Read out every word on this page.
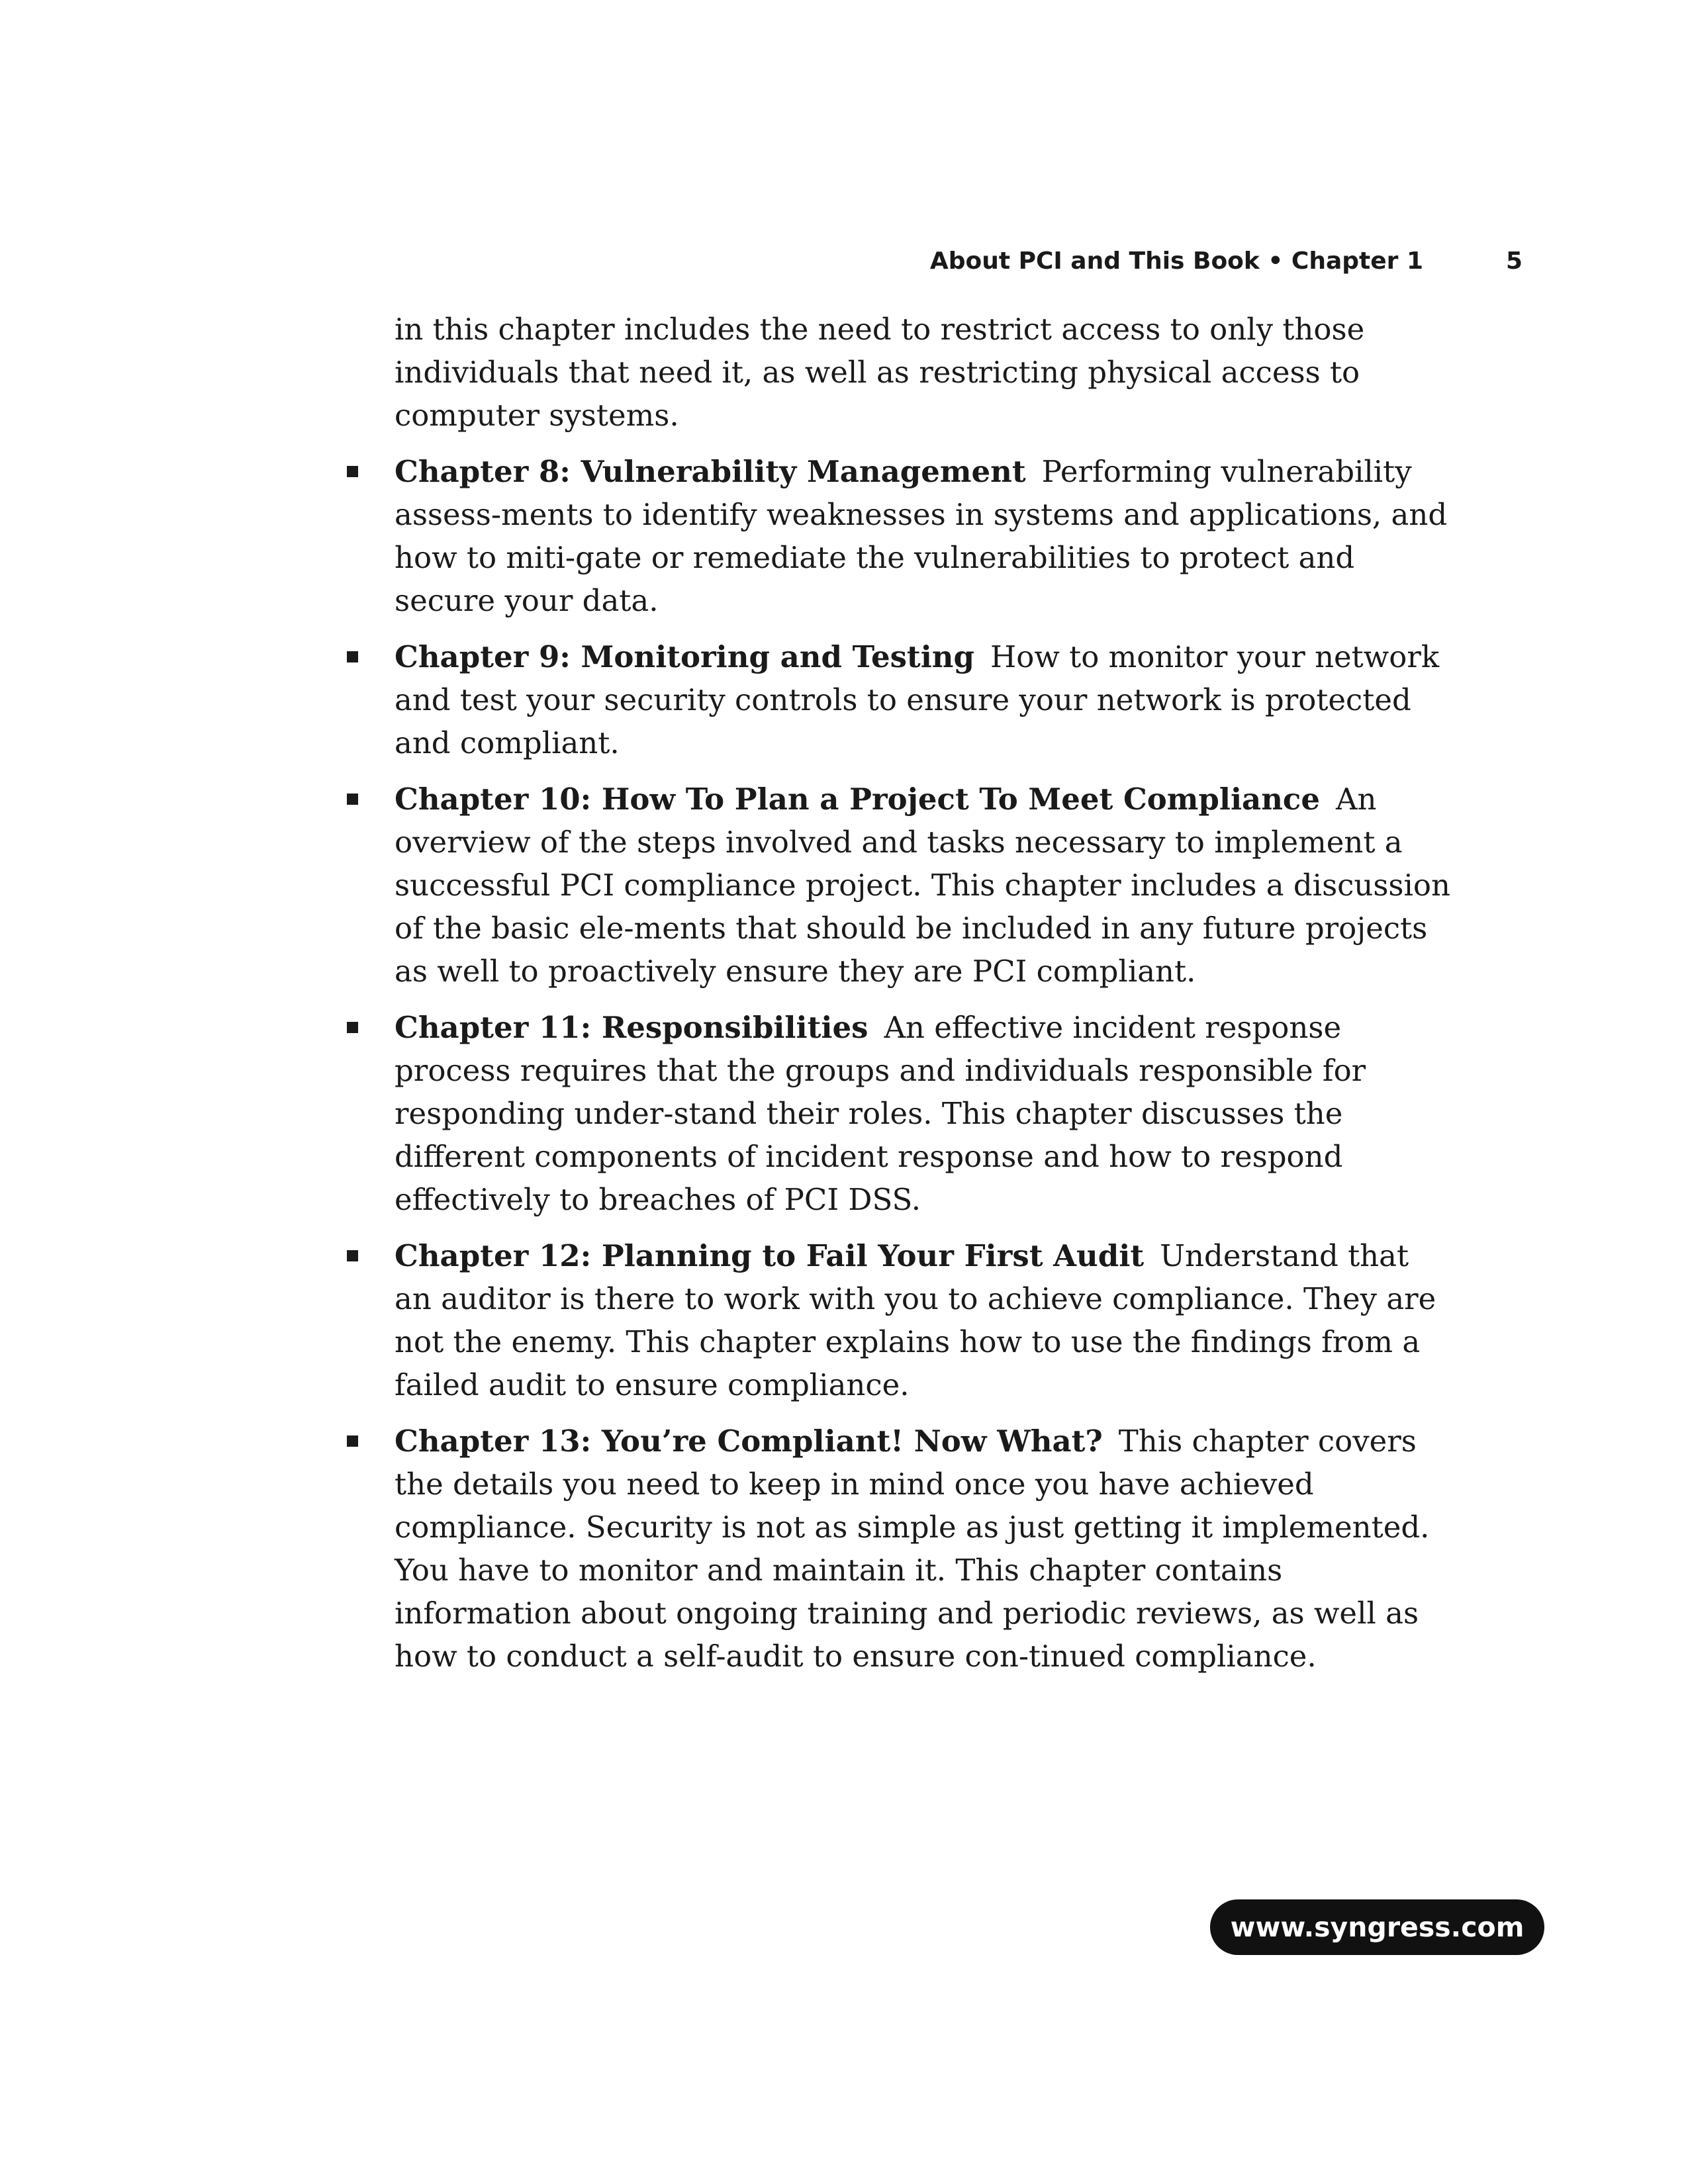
About PCI and This Book • Chapter 1	5

in this chapter includes the need to restrict access to only those individuals that need it, as well as restricting physical access to computer systems.

Chapter 8: Vulnerability Management Performing vulnerability assess-ments to identify weaknesses in systems and applications, and how to miti-gate or remediate the vulnerabilities to protect and secure your data.
Chapter 9: Monitoring and Testing How to monitor your network and test your security controls to ensure your network is protected and compliant.
Chapter 10: How To Plan a Project To Meet Compliance An overview of the steps involved and tasks necessary to implement a successful PCI compliance project. This chapter includes a discussion of the basic ele-ments that should be included in any future projects as well to proactively ensure they are PCI compliant.
Chapter 11: Responsibilities An effective incident response process requires that the groups and individuals responsible for responding under-stand their roles. This chapter discusses the different components of incident response and how to respond effectively to breaches of PCI DSS.
Chapter 12: Planning to Fail Your First Audit Understand that an auditor is there to work with you to achieve compliance. They are not the enemy. This chapter explains how to use the findings from a failed audit to ensure compliance.
Chapter 13: You’re Compliant! Now What? This chapter covers the details you need to keep in mind once you have achieved compliance. Security is not as simple as just getting it implemented. You have to monitor and maintain it. This chapter contains information about ongoing training and periodic reviews, as well as how to conduct a self-audit to ensure con-tinued compliance.
www.syngress.com
